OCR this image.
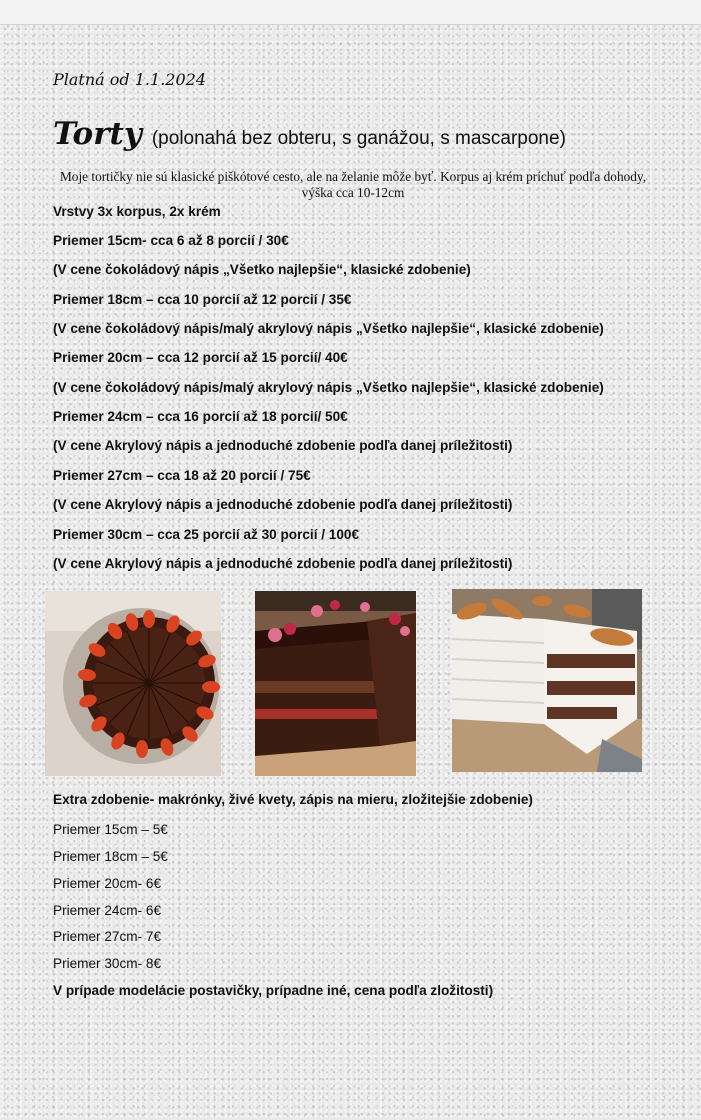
Platná od 1.1.2024
Torty (polonahá bez obteru, s ganážou, s mascarpone)
Moje tortičky nie sú klasické piškótové cesto, ale na želanie môže byť. Korpus aj krém príchuť podľa dohody, výška cca 10-12cm
Vrstvy 3x korpus, 2x krém
Priemer 15cm- cca 6 až 8 porcií / 30€
(V cene čokoládový nápis „Všetko najlepšie“, klasické zdobenie)
Priemer 18cm – cca 10 porcií až 12 porcií / 35€
(V cene čokoládový nápis/malý akrylový nápis „Všetko najlepšie“, klasické zdobenie)
Priemer 20cm – cca 12 porcií až 15 porcií/ 40€
(V cene čokoládový nápis/malý akrylový nápis „Všetko najlepšie“, klasické zdobenie)
Priemer 24cm – cca 16 porcií až 18 porcií/ 50€
(V cene Akrylový nápis a jednoduché zdobenie podľa danej príležitosti)
Priemer 27cm – cca 18 až 20 porcií / 75€
(V cene Akrylový nápis a jednoduché zdobenie podľa danej príležitosti)
Priemer 30cm – cca 25 porcií až 30 porcií / 100€
(V cene Akrylový nápis a jednoduché zdobenie podľa danej príležitosti)
Extra zdobenie- makrónky, živé kvety, zápis na mieru, zložitejšie zdobenie)
Priemer 15cm – 5€
Priemer 18cm – 5€
Priemer 20cm- 6€
Priemer 24cm- 6€
Priemer 27cm- 7€
Priemer 30cm- 8€
V prípade modelácie postavičky, prípadne iné, cena podľa zložitosti)
